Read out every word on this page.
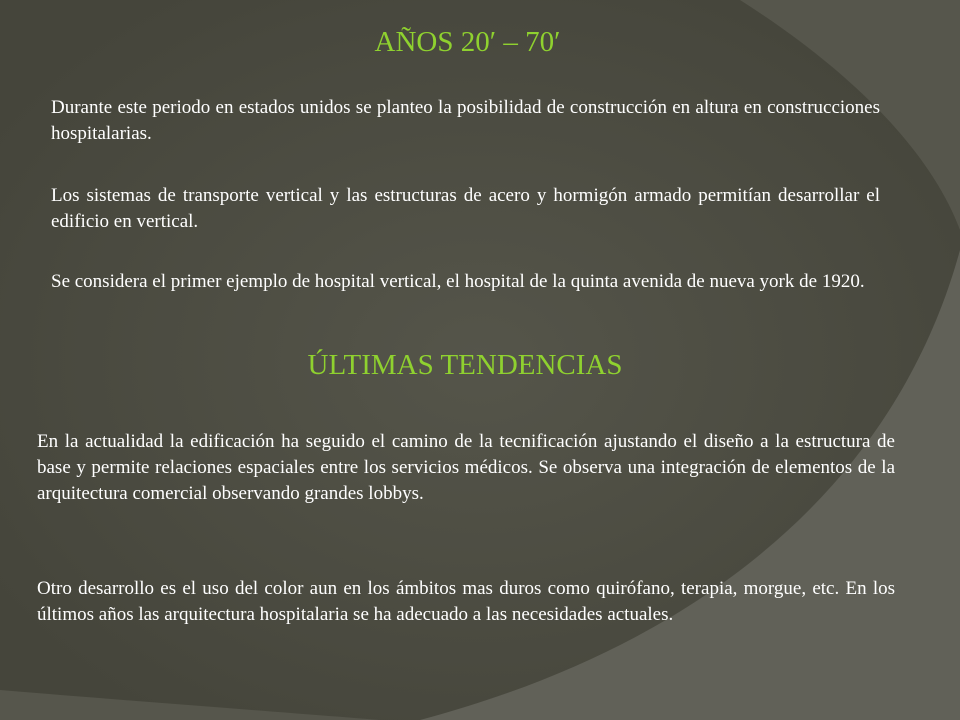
AÑOS 20′ – 70′

Durante este periodo en estados unidos se planteo la posibilidad de construcción en altura en construcciones hospitalarias.

Los sistemas de transporte vertical y las estructuras de acero y hormigón armado permitían desarrollar el edificio en vertical.

Se considera el primer ejemplo de hospital vertical, el hospital de la quinta avenida de nueva york de 1920.

ÚLTIMAS TENDENCIAS

En la actualidad la edificación ha seguido el camino de la tecnificación ajustando el diseño a la estructura de base y permite relaciones espaciales entre los servicios médicos. Se observa una integración de elementos de la arquitectura comercial observando grandes lobbys.

Otro desarrollo es el uso del color aun en los ámbitos mas duros como quirófano, terapia, morgue, etc. En los últimos años las arquitectura hospitalaria se ha adecuado a las necesidades actuales.
